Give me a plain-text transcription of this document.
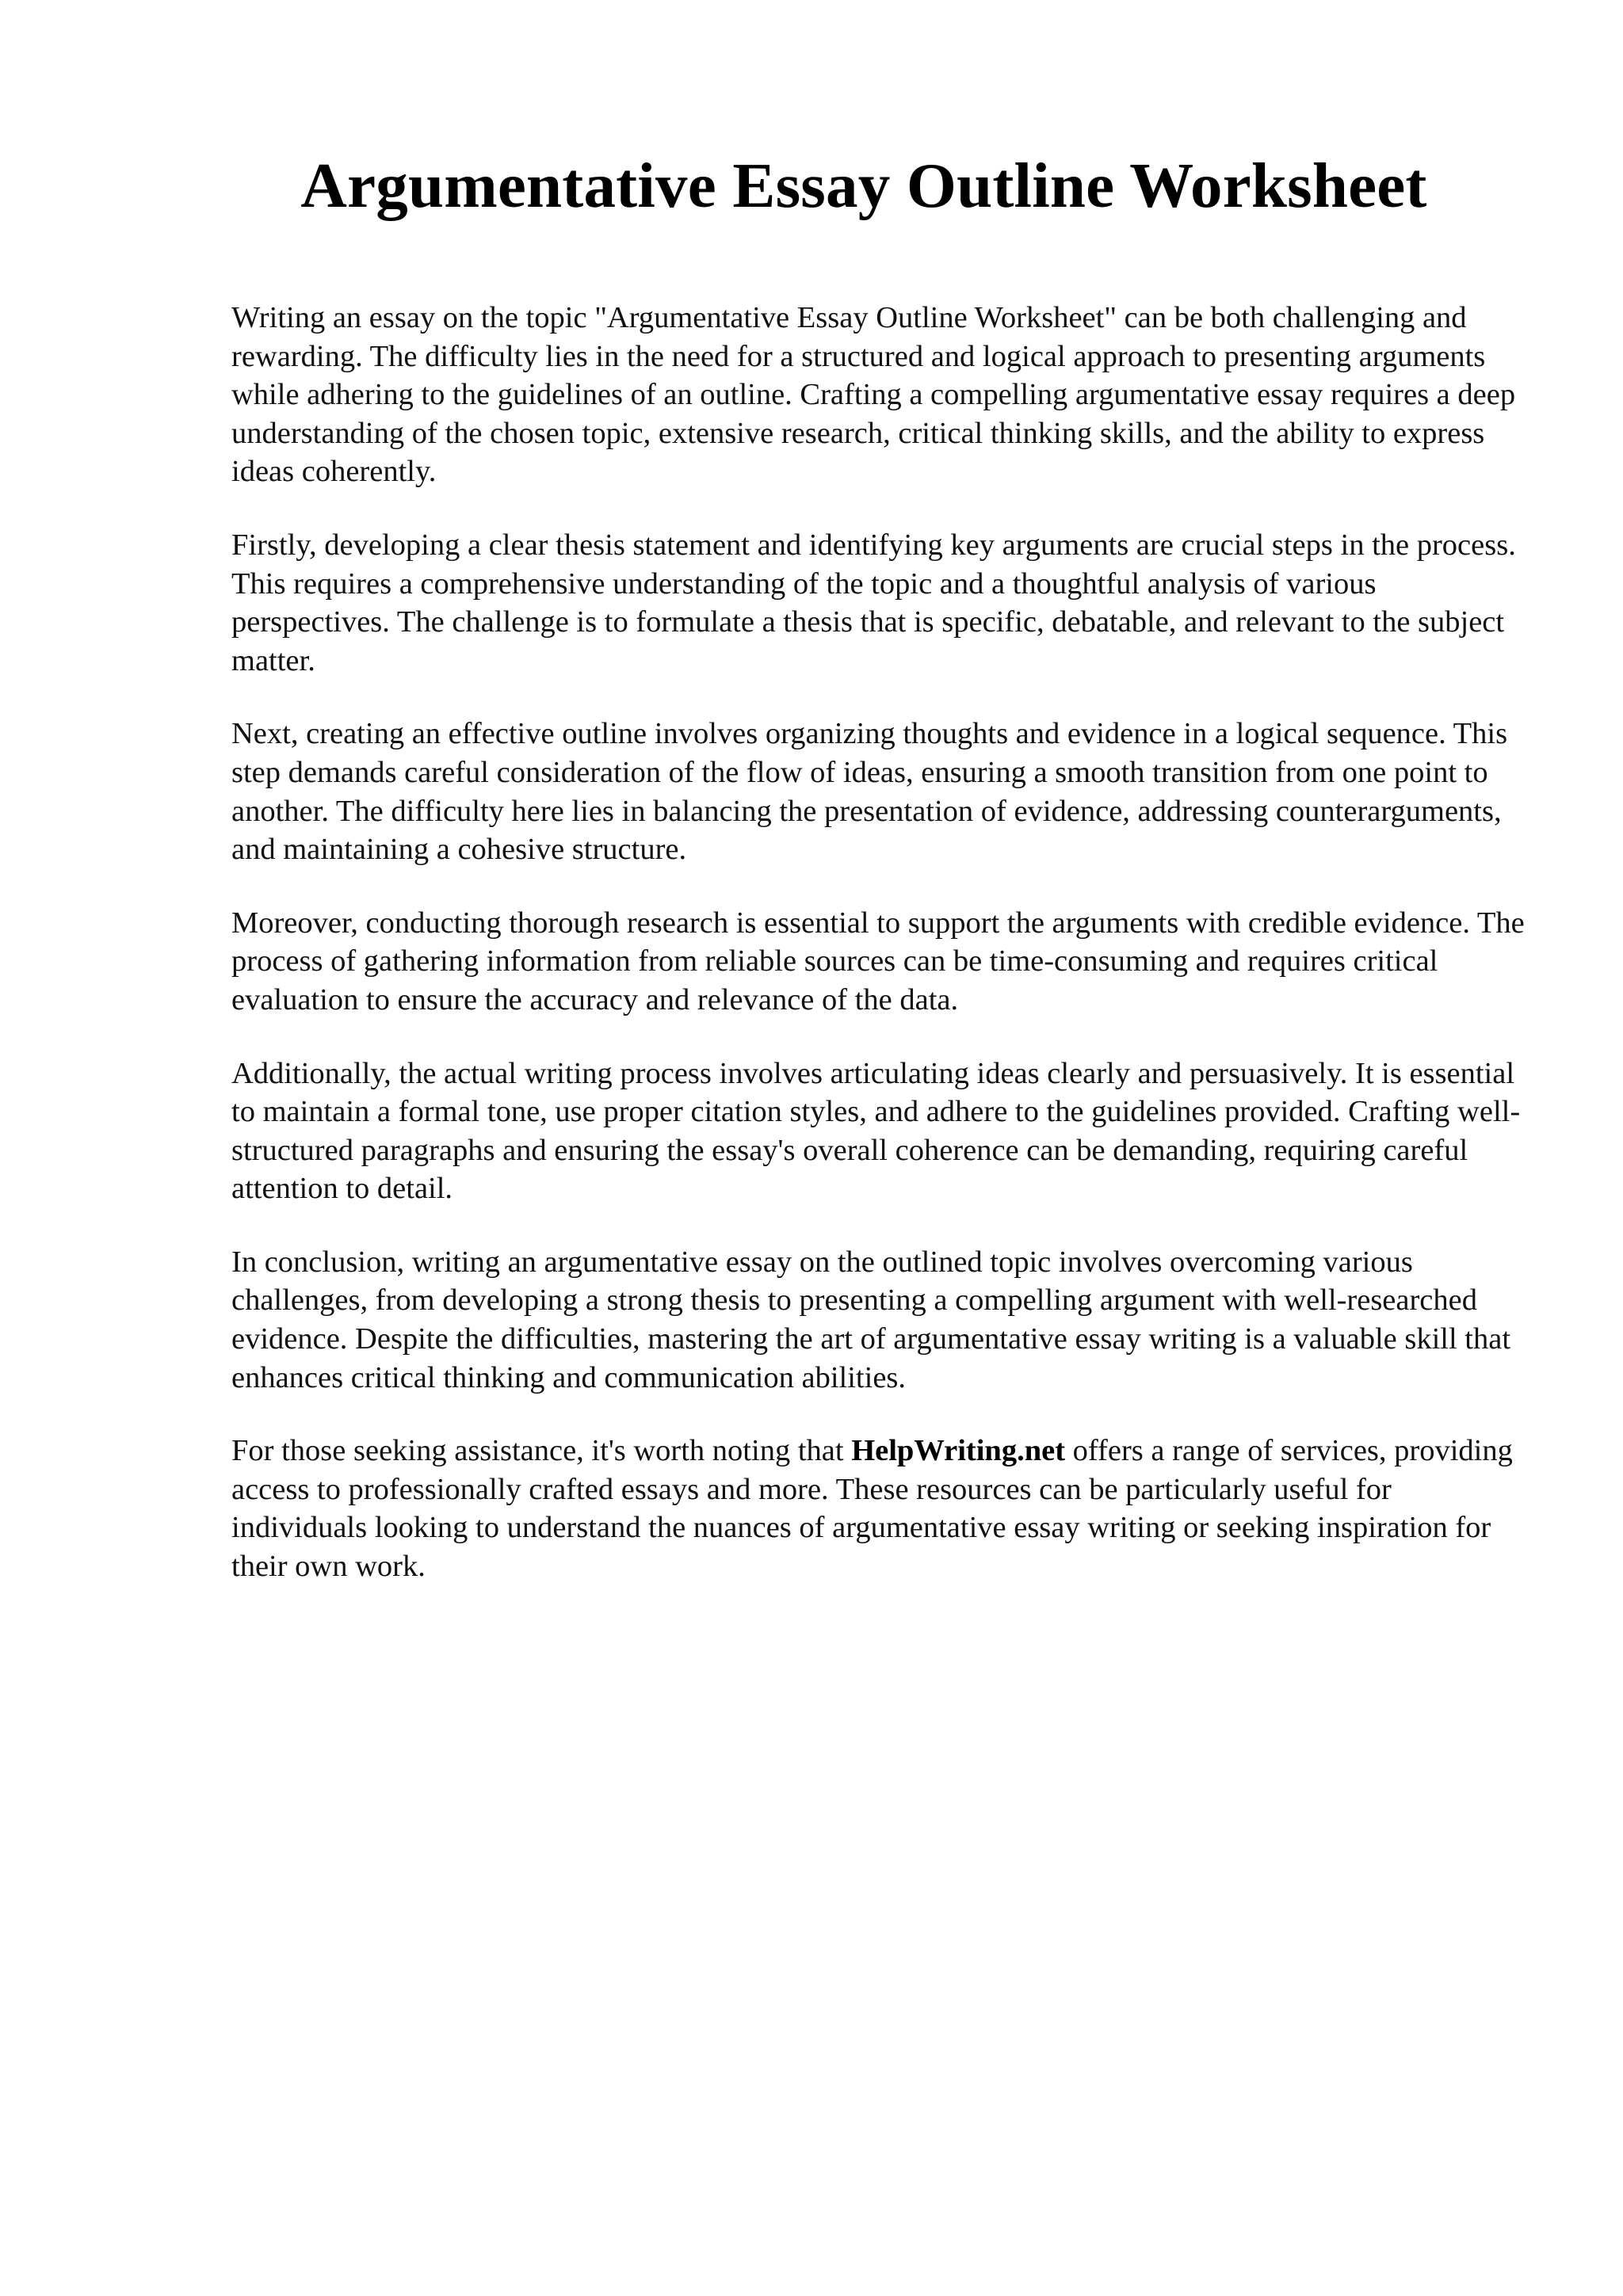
Argumentative Essay Outline Worksheet

Writing an essay on the topic "Argumentative Essay Outline Worksheet" can be both challenging and rewarding. The difficulty lies in the need for a structured and logical approach to presenting arguments while adhering to the guidelines of an outline. Crafting a compelling argumentative essay requires a deep understanding of the chosen topic, extensive research, critical thinking skills, and the ability to express ideas coherently.

Firstly, developing a clear thesis statement and identifying key arguments are crucial steps in the process. This requires a comprehensive understanding of the topic and a thoughtful analysis of various perspectives. The challenge is to formulate a thesis that is specific, debatable, and relevant to the subject matter.

Next, creating an effective outline involves organizing thoughts and evidence in a logical sequence. This step demands careful consideration of the flow of ideas, ensuring a smooth transition from one point to another. The difficulty here lies in balancing the presentation of evidence, addressing counterarguments, and maintaining a cohesive structure.

Moreover, conducting thorough research is essential to support the arguments with credible evidence. The process of gathering information from reliable sources can be time-consuming and requires critical evaluation to ensure the accuracy and relevance of the data.

Additionally, the actual writing process involves articulating ideas clearly and persuasively. It is essential to maintain a formal tone, use proper citation styles, and adhere to the guidelines provided. Crafting well-structured paragraphs and ensuring the essay's overall coherence can be demanding, requiring careful attention to detail.

In conclusion, writing an argumentative essay on the outlined topic involves overcoming various challenges, from developing a strong thesis to presenting a compelling argument with well-researched evidence. Despite the difficulties, mastering the art of argumentative essay writing is a valuable skill that enhances critical thinking and communication abilities.

For those seeking assistance, it's worth noting that HelpWriting.net offers a range of services, providing access to professionally crafted essays and more. These resources can be particularly useful for individuals looking to understand the nuances of argumentative essay writing or seeking inspiration for their own work.
